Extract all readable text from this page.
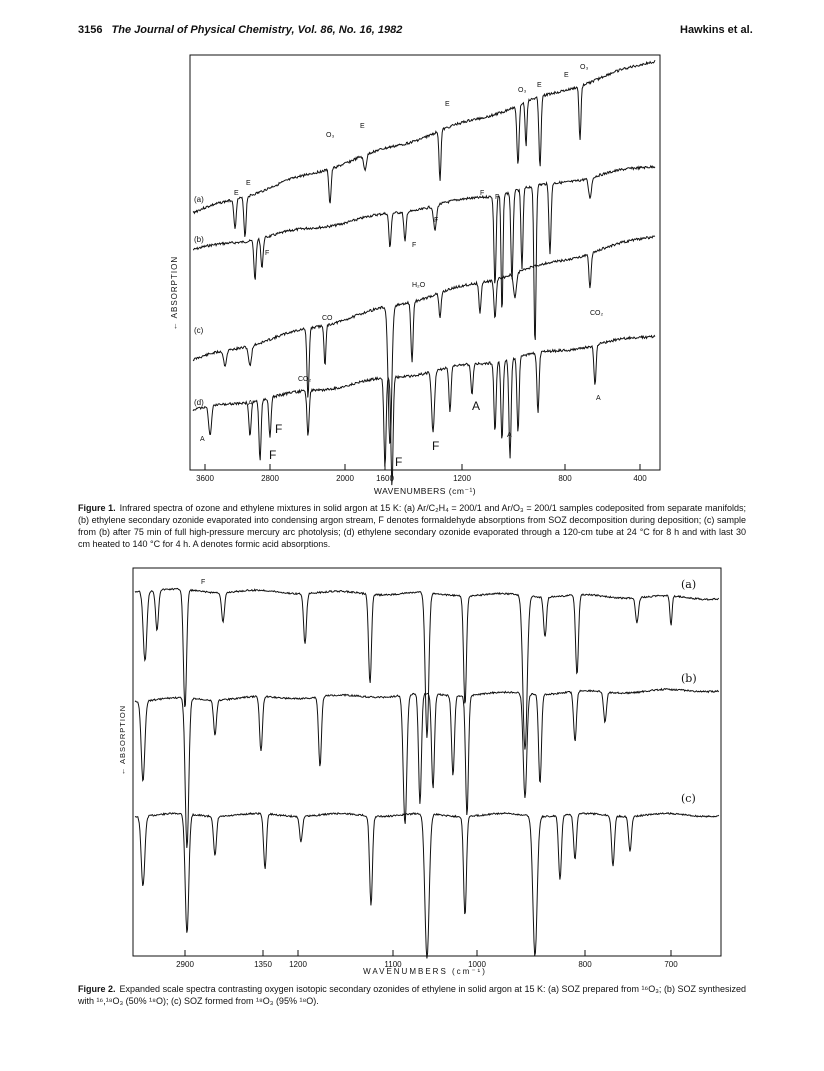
3156 The Journal of Physical Chemistry, Vol. 86, No. 16, 1982	Hawkins et al.
3600	2800	2000	1600	1200	800	400
(a)
(b)
(c)
(d)
E
E
O₃
E
E
O₃
E
E
O₃
F
F
F
F
F
H₂O
CO
CO₂
CO₂
A
A
F
F	F
F
A
A
A
← ABSORPTION
WAVENUMBERS (cm⁻¹)
Figure 1. Infrared spectra of ozone and ethylene mixtures in solid argon at 15 K: (a) Ar/C₂H₄ = 200/1 and Ar/O₃ = 200/1 samples codeposited from separate manifolds; (b) ethylene secondary ozonide evaporated into condensing argon stream, F denotes formaldehyde absorptions from SOZ decomposition during deposition; (c) sample from (b) after 75 min of full high-pressure mercury arc photolysis; (d) ethylene secondary ozonide evaporated through a 120-cm tube at 24 °C for 8 h and with last 30 cm heated to 140 °C for 4 h. A denotes formic acid absorptions.
2900	1350 1200	1100	1000	800	700
(a)
(b)
(c)
F
← ABSORPTION
WAVENUMBERS (cm⁻¹)
Figure 2. Expanded scale spectra contrasting oxygen isotopic secondary ozonides of ethylene in solid argon at 15 K: (a) SOZ prepared from ¹⁶O₃; (b) SOZ synthesized with ¹⁶,¹⁸O₃ (50% ¹⁸O); (c) SOZ formed from ¹⁸O₃ (95% ¹⁸O).
